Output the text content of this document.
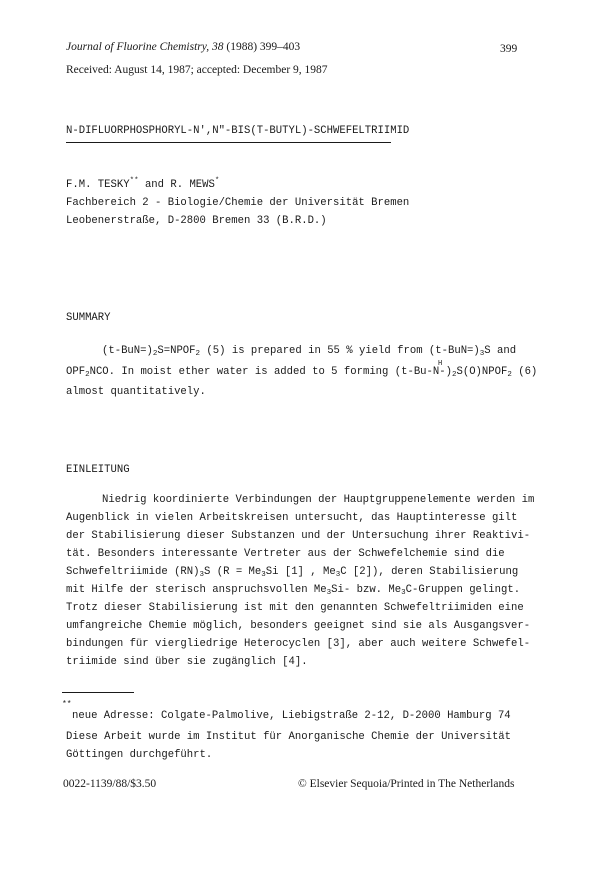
Journal of Fluorine Chemistry, 38 (1988) 399–403	399

Received: August 14, 1987; accepted: December 9, 1987

N-DIFLUORPHOSPHORYL-N',N"-BIS(T-BUTYL)-SCHWEFELTRIIMID

F.M. TESKY** and R. MEWS*

Fachbereich 2 - Biologie/Chemie der Universität Bremen

Leobenerstraße, D-2800 Bremen 33 (B.R.D.)

SUMMARY

$(t-BuN=)_2S=NPOF_2$ (5) is prepared in 55 % yield from $(t-BuN=)_3S$ and

$OPF_2NCO$. In moist ether water is added to 5 forming $(t-Bu-N-)_2S(O)NPOF_2$ (6)

H

almost quantitatively.

EINLEITUNG

Niedrig koordinierte Verbindungen der Hauptgruppenelemente werden im

Augenblick in vielen Arbeitskreisen untersucht, das Hauptinteresse gilt

der Stabilisierung dieser Substanzen und der Untersuchung ihrer Reaktivi-

tät. Besonders interessante Vertreter aus der Schwefelchemie sind die

Schwefeltriimide $(RN)_3S$ ($R = Me_3Si$ [1] , $Me_3C$ [2]), deren Stabilisierung

mit Hilfe der sterisch anspruchsvollen $Me_3Si-$ bzw. $Me_3C$-Gruppen gelingt.

Trotz dieser Stabilisierung ist mit den genannten Schwefeltriimiden eine

umfangreiche Chemie möglich, besonders geeignet sind sie als Ausgangsver-

bindungen für viergliedrige Heterocyclen [3], aber auch weitere Schwefel-

triimide sind über sie zugänglich [4].

**

neue Adresse: Colgate-Palmolive, Liebigstraße 2-12, D-2000 Hamburg 74

Diese Arbeit wurde im Institut für Anorganische Chemie der Universität

Göttingen durchgeführt.

0022-1139/88/$3.50	© Elsevier Sequoia/Printed in The Netherlands
